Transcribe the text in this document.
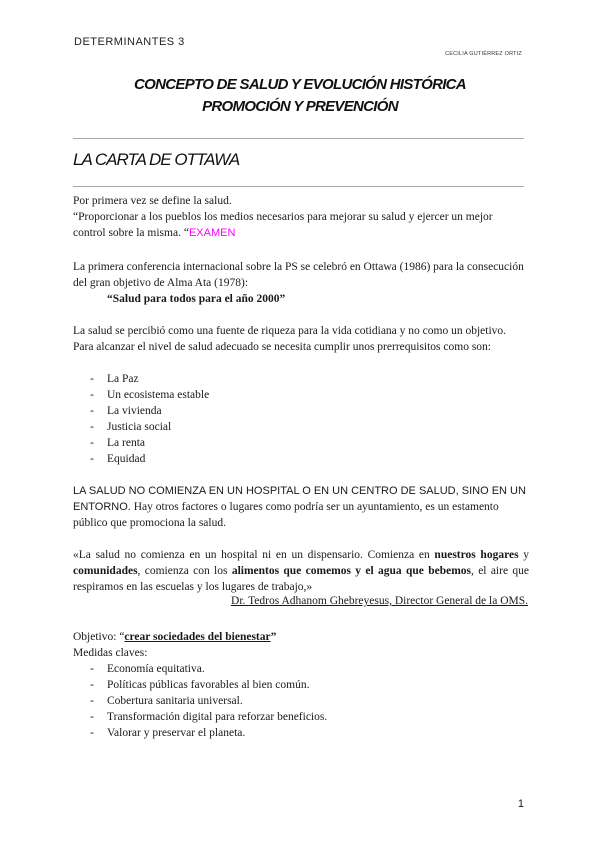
DETERMINANTES 3
CECILIA GUTIÉRREZ ORTIZ
CONCEPTO DE SALUD Y EVOLUCIÓN HISTÓRICA
PROMOCIÓN Y PREVENCIÓN
LA CARTA DE OTTAWA
Por primera vez se define la salud.
“Proporcionar a los pueblos los medios necesarios para mejorar su salud y ejercer un mejor control sobre la misma. “EXAMEN
La primera conferencia internacional sobre la PS se celebró en Ottawa (1986) para la consecución del gran objetivo de Alma Ata (1978):
“Salud para todos para el año 2000”
La salud se percibió como una fuente de riqueza para la vida cotidiana y no como un objetivo. Para alcanzar el nivel de salud adecuado se necesita cumplir unos prerrequisitos como son:
- La Paz
- Un ecosistema estable
- La vivienda
- Justicia social
- La renta
- Equidad
LA SALUD NO COMIENZA EN UN HOSPITAL O EN UN CENTRO DE SALUD, SINO EN UN ENTORNO. Hay otros factores o lugares como podría ser un ayuntamiento, es un estamento público que promociona la salud.
«La salud no comienza en un hospital ni en un dispensario. Comienza en nuestros hogares y comunidades, comienza con los alimentos que comemos y el agua que bebemos, el aire que respiramos en las escuelas y los lugares de trabajo,»
Dr. Tedros Adhanom Ghebreyesus, Director General de la OMS.
Objetivo: “crear sociedades del bienestar”
Medidas claves:
- Economía equitativa.
- Políticas públicas favorables al bien común.
- Cobertura sanitaria universal.
- Transformación digital para reforzar beneficios.
- Valorar y preservar el planeta.
1
